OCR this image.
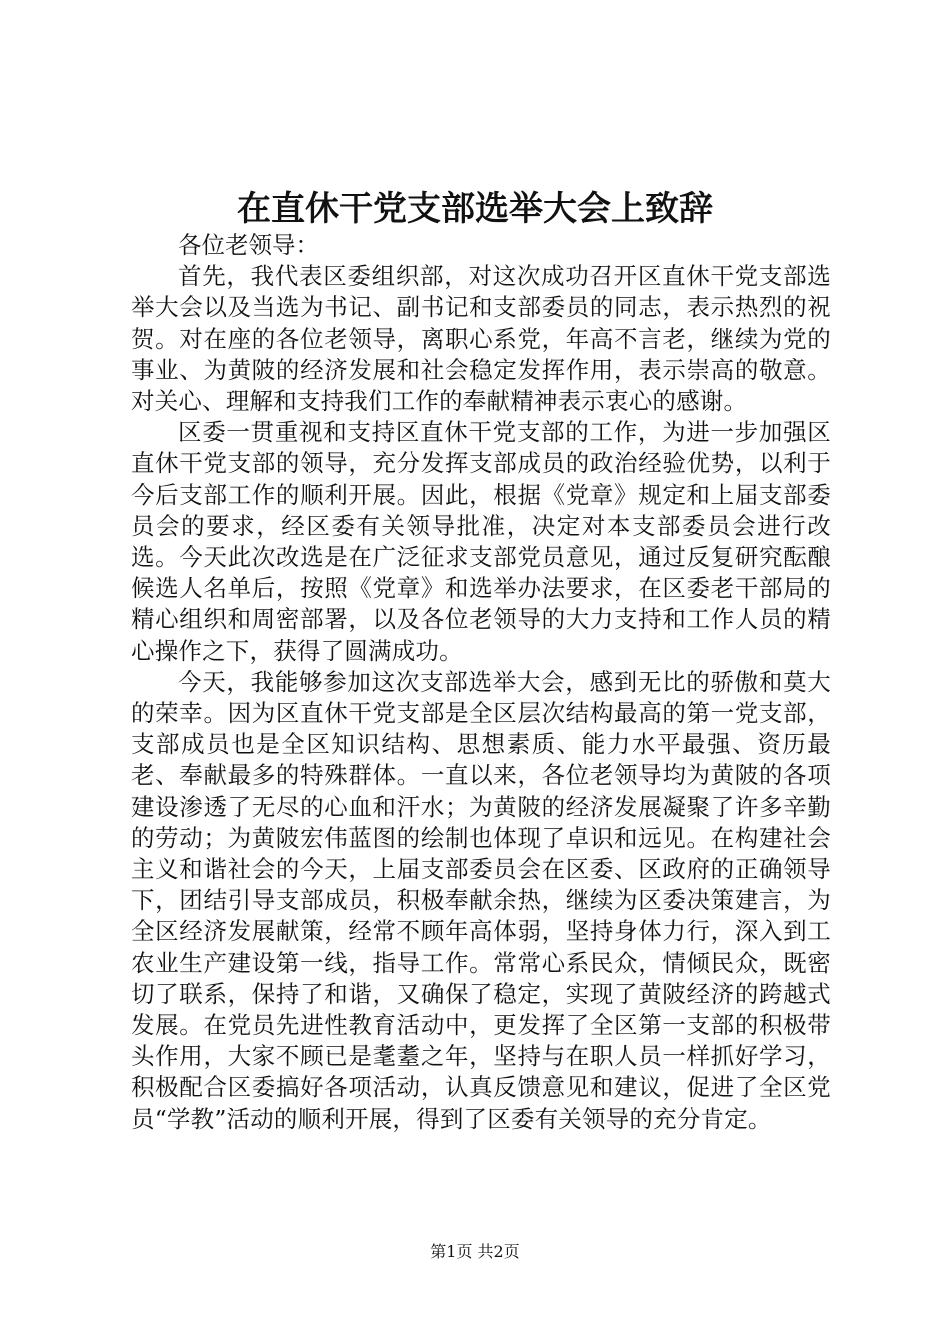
在直休干党支部选举大会上致辞

各位老领导：

首先，我代表区委组织部，对这次成功召开区直休干党支部选举大会以及当选为书记、副书记和支部委员的同志，表示热烈的祝贺。对在座的各位老领导，离职心系党，年高不言老，继续为党的事业、为黄陂的经济发展和社会稳定发挥作用，表示崇高的敬意。对关心、理解和支持我们工作的奉献精神表示衷心的感谢。

区委一贯重视和支持区直休干党支部的工作，为进一步加强区直休干党支部的领导，充分发挥支部成员的政治经验优势，以利于今后支部工作的顺利开展。因此，根据《党章》规定和上届支部委员会的要求，经区委有关领导批准，决定对本支部委员会进行改选。今天此次改选是在广泛征求支部党员意见，通过反复研究酝酿候选人名单后，按照《党章》和选举办法要求，在区委老干部局的精心组织和周密部署，以及各位老领导的大力支持和工作人员的精心操作之下，获得了圆满成功。

今天，我能够参加这次支部选举大会，感到无比的骄傲和莫大的荣幸。因为区直休干党支部是全区层次结构最高的第一党支部，支部成员也是全区知识结构、思想素质、能力水平最强、资历最老、奉献最多的特殊群体。一直以来，各位老领导均为黄陂的各项建设渗透了无尽的心血和汗水；为黄陂的经济发展凝聚了许多辛勤的劳动；为黄陂宏伟蓝图的绘制也体现了卓识和远见。在构建社会主义和谐社会的今天，上届支部委员会在区委、区政府的正确领导下，团结引导支部成员，积极奉献余热，继续为区委决策建言，为全区经济发展献策，经常不顾年高体弱，坚持身体力行，深入到工农业生产建设第一线，指导工作。常常心系民众，情倾民众，既密切了联系，保持了和谐，又确保了稳定，实现了黄陂经济的跨越式发展。在党员先进性教育活动中，更发挥了全区第一支部的积极带头作用，大家不顾已是耄耋之年，坚持与在职人员一样抓好学习，积极配合区委搞好各项活动，认真反馈意见和建议，促进了全区党员“学教”活动的顺利开展，得到了区委有关领导的充分肯定。

第1页 共2页
